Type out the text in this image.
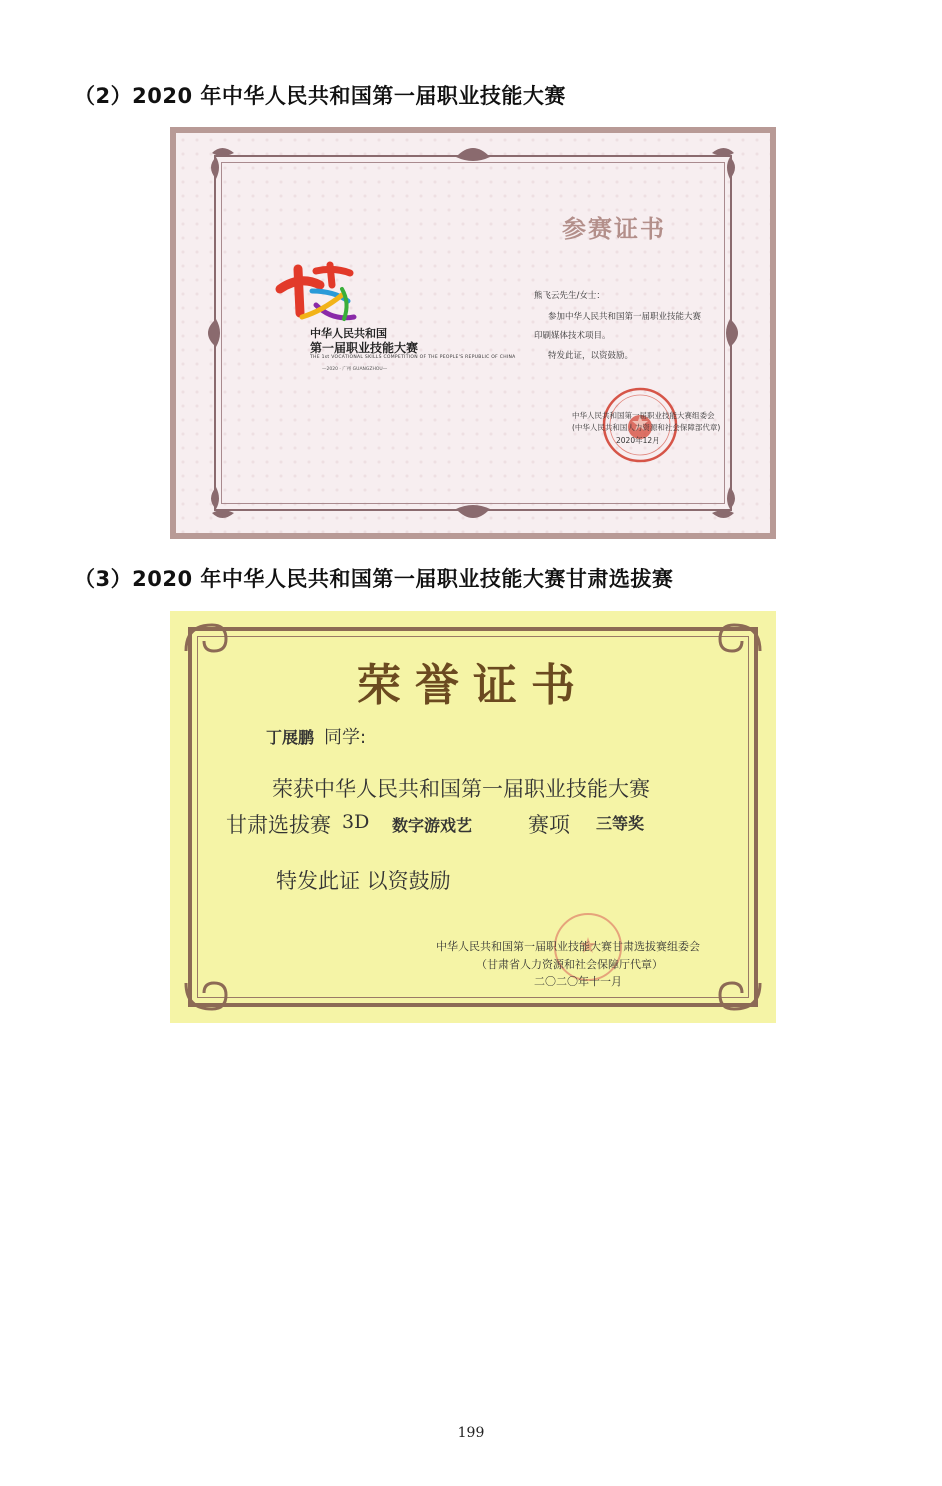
（2）2020 年中华人民共和国第一届职业技能大赛
参赛证书
中华人民共和国
第一届职业技能大赛
THE 1st VOCATIONAL SKILLS COMPETITION OF THE PEOPLE'S REPUBLIC OF CHINA
—2020 · 广州 GUANGZHOU—
熊飞云先生/女士：
参加中华人民共和国第一届职业技能大赛
印刷媒体技术项目。
特发此证，以资鼓励。
中华人民共和国第一届职业技能大赛组委会
(中华人民共和国人力资源和社会保障部代章)
2020年12月
（3）2020 年中华人民共和国第一届职业技能大赛甘肃选拔赛
荣誉证书
丁展鹏 同学:
荣获中华人民共和国第一届职业技能大赛
甘肃选拔赛 3D 数字游戏艺	赛项 三等奖
特发此证 以资鼓励
中华人民共和国第一届职业技能大赛甘肃选拔赛组委会
（甘肃省人力资源和社会保障厅代章）
二〇二〇年十一月
199
